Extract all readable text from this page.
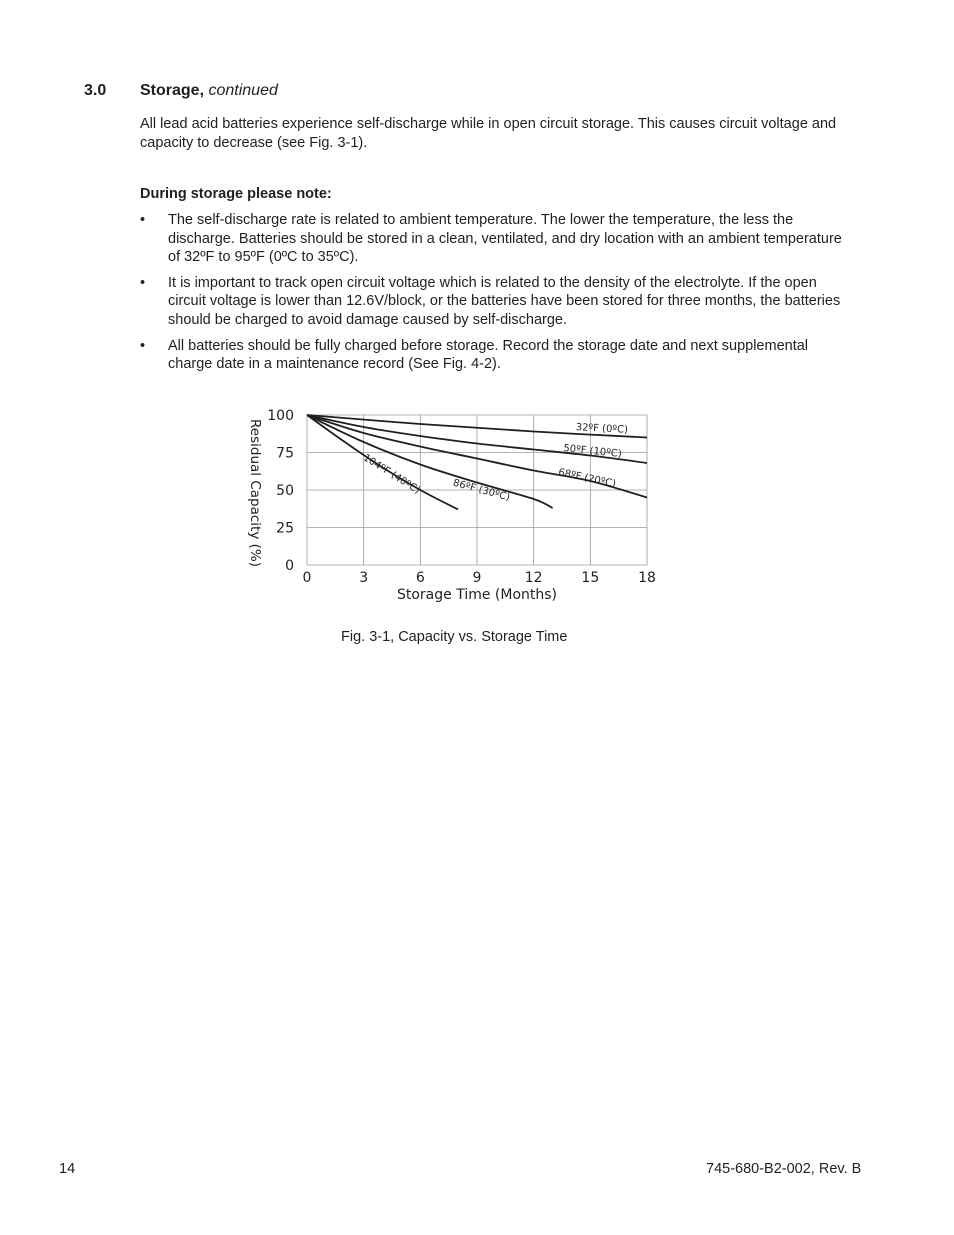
3.0 Storage, continued
All lead acid batteries experience self-discharge while in open circuit storage. This causes circuit voltage and capacity to decrease (see Fig. 3-1).
During storage please note:
• The self-discharge rate is related to ambient temperature. The lower the temperature, the less the discharge. Batteries should be stored in a clean, ventilated, and dry location with an ambient temperature of 32ºF to 95ºF (0ºC to 35ºC).
• It is important to track open circuit voltage which is related to the density of the electrolyte. If the open circuit voltage is lower than 12.6V/block, or the batteries have been stored for three months, the batteries should be charged to avoid damage caused by self-discharge.
• All batteries should be fully charged before storage. Record the storage date and next supplemental charge date in a maintenance record (See Fig. 4-2).
0	3	6	9	12	15	18
0
25
50
75
100
Storage Time (Months)
Residual Capacity (%)	32ºF (0ºC)
50ºF (10ºC)
68ºF (20ºC)
86ºF (30ºC)
104ºF (40ºC)
Fig. 3-1, Capacity vs. Storage Time
14	745-680-B2-002, Rev. B
